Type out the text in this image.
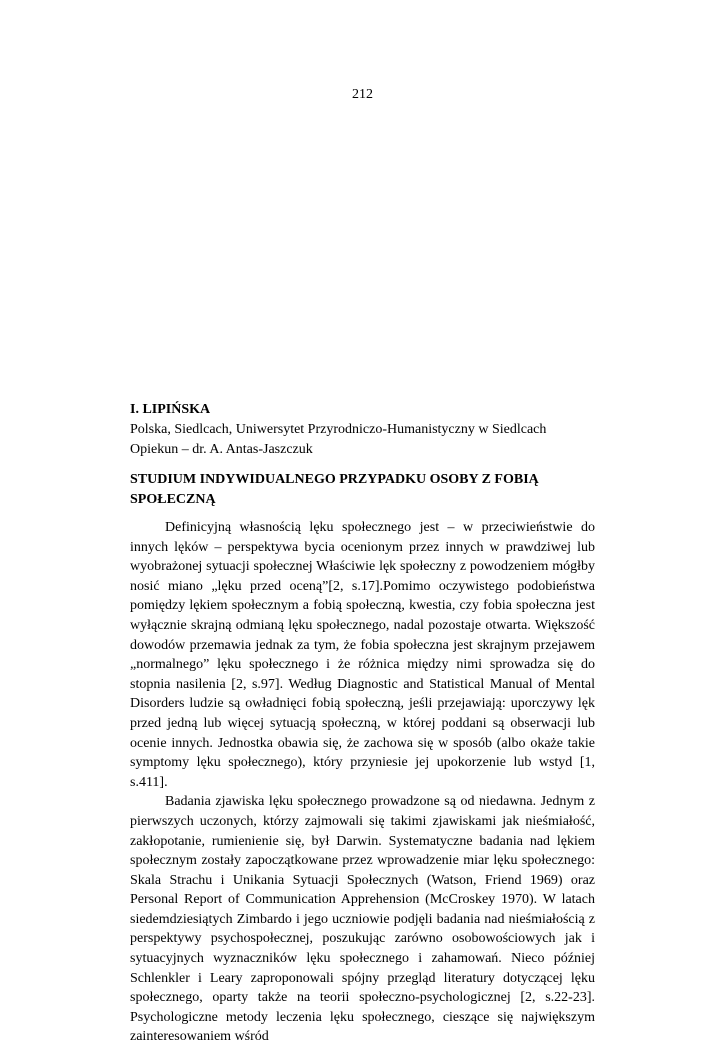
212
I. LIPIŃSKA
Polska, Siedlcach, Uniwersytet Przyrodniczo-Humanistyczny w Siedlcach
Opiekun – dr. A. Antas-Jaszczuk
STUDIUM INDYWIDUALNEGO PRZYPADKU OSOBY Z FOBIĄ SPOŁECZNĄ

Definicyjną własnością lęku społecznego jest – w przeciwieństwie do innych lęków – perspektywa bycia ocenionym przez innych w prawdziwej lub wyobrażonej sytuacji społecznej Właściwie lęk społeczny z powodzeniem mógłby nosić miano „lęku przed oceną”[2, s.17].Pomimo oczywistego podobieństwa pomiędzy lękiem społecznym a fobią społeczną, kwestia, czy fobia społeczna jest wyłącznie skrajną odmianą lęku społecznego, nadal pozostaje otwarta. Większość dowodów przemawia jednak za tym, że fobia społeczna jest skrajnym przejawem „normalnego” lęku społecznego i że różnica między nimi sprowadza się do stopnia nasilenia [2, s.97]. Według Diagnostic and Statistical Manual of Mental Disorders ludzie są owładnięci fobią społeczną, jeśli przejawiają: uporczywy lęk przed jedną lub więcej sytuacją społeczną, w której poddani są obserwacji lub ocenie innych. Jednostka obawia się, że zachowa się w sposób (albo okaże takie symptomy lęku społecznego), który przyniesie jej upokorzenie lub wstyd [1, s.411].

Badania zjawiska lęku społecznego prowadzone są od niedawna. Jednym z pierwszych uczonych, którzy zajmowali się takimi zjawiskami jak nieśmiałość, zakłopotanie, rumienienie się, był Darwin. Systematyczne badania nad lękiem społecznym zostały zapoczątkowane przez wprowadzenie miar lęku społecznego: Skala Strachu i Unikania Sytuacji Społecznych (Watson, Friend 1969) oraz Personal Report of Communication Apprehension (McCroskey 1970). W latach siedemdziesiątych Zimbardo i jego uczniowie podjęli badania nad nieśmiałością z perspektywy psychospołecznej, poszukując zarówno osobowościowych jak i sytuacyjnych wyznaczników lęku społecznego i zahamowań. Nieco później Schlenkler i Leary zaproponowali spójny przegląd literatury dotyczącej lęku społecznego, oparty także na teorii społeczno-psychologicznej [2, s.22-23]. Psychologiczne metody leczenia lęku społecznego, cieszące się największym zainteresowaniem wśród
